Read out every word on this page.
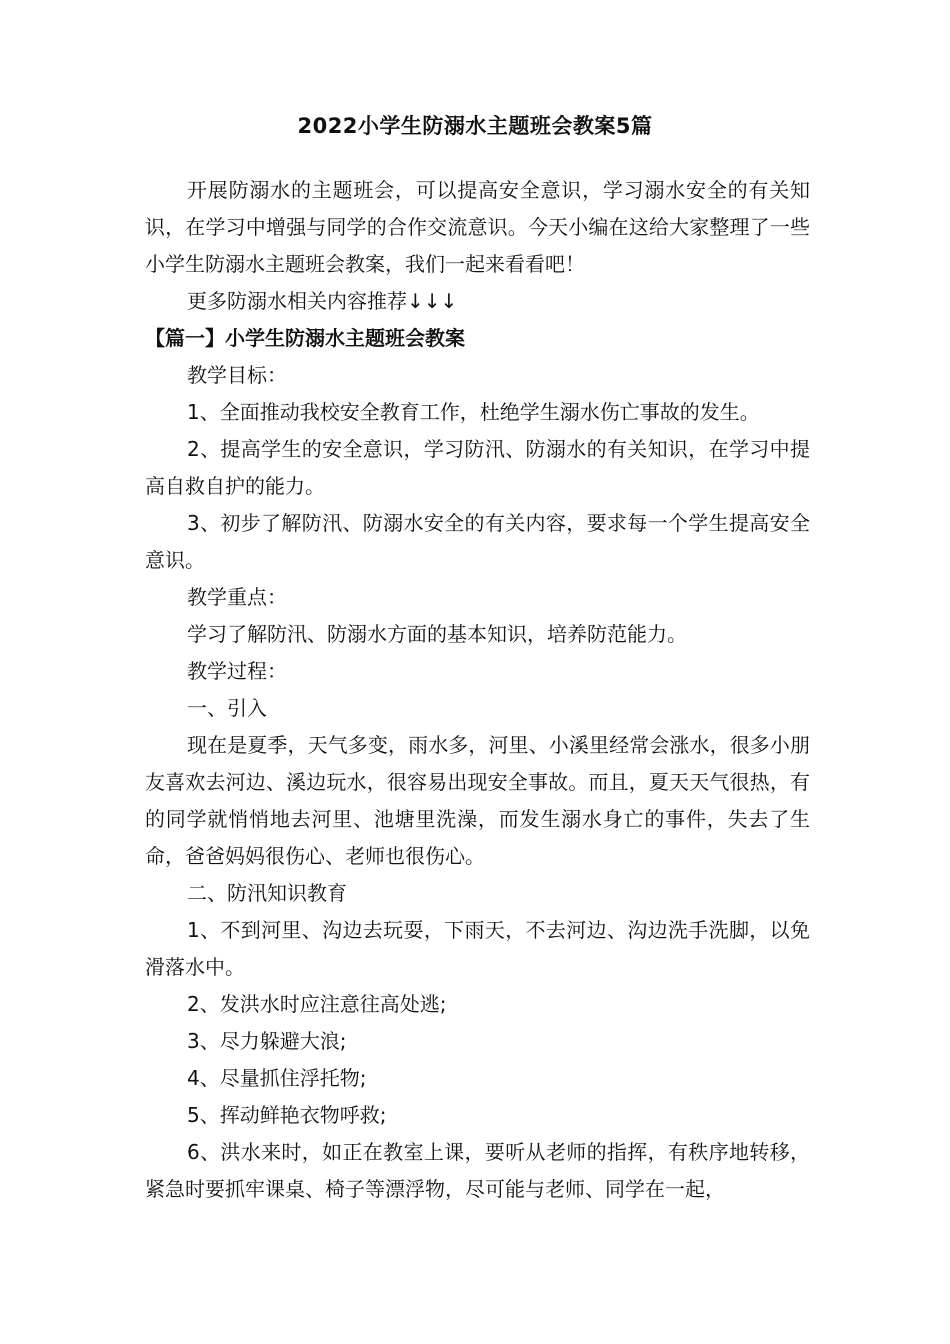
2022小学生防溺水主题班会教案5篇

开展防溺水的主题班会，可以提高安全意识，学习溺水安全的有关知识，在学习中增强与同学的合作交流意识。今天小编在这给大家整理了一些小学生防溺水主题班会教案，我们一起来看看吧！

更多防溺水相关内容推荐↓↓↓

【篇一】小学生防溺水主题班会教案

教学目标：

1、全面推动我校安全教育工作，杜绝学生溺水伤亡事故的发生。

2、提高学生的安全意识，学习防汛、防溺水的有关知识，在学习中提高自救自护的能力。

3、初步了解防汛、防溺水安全的有关内容，要求每一个学生提高安全意识。

教学重点：

学习了解防汛、防溺水方面的基本知识，培养防范能力。

教学过程：

一、引入

现在是夏季，天气多变，雨水多，河里、小溪里经常会涨水，很多小朋友喜欢去河边、溪边玩水，很容易出现安全事故。而且，夏天天气很热，有的同学就悄悄地去河里、池塘里洗澡，而发生溺水身亡的事件，失去了生命，爸爸妈妈很伤心、老师也很伤心。

二、防汛知识教育

1、不到河里、沟边去玩耍，下雨天，不去河边、沟边洗手洗脚，以免滑落水中。

2、发洪水时应注意往高处逃;

3、尽力躲避大浪;

4、尽量抓住浮托物;

5、挥动鲜艳衣物呼救;

6、洪水来时，如正在教室上课，要听从老师的指挥，有秩序地转移，紧急时要抓牢课桌、椅子等漂浮物，尽可能与老师、同学在一起，
